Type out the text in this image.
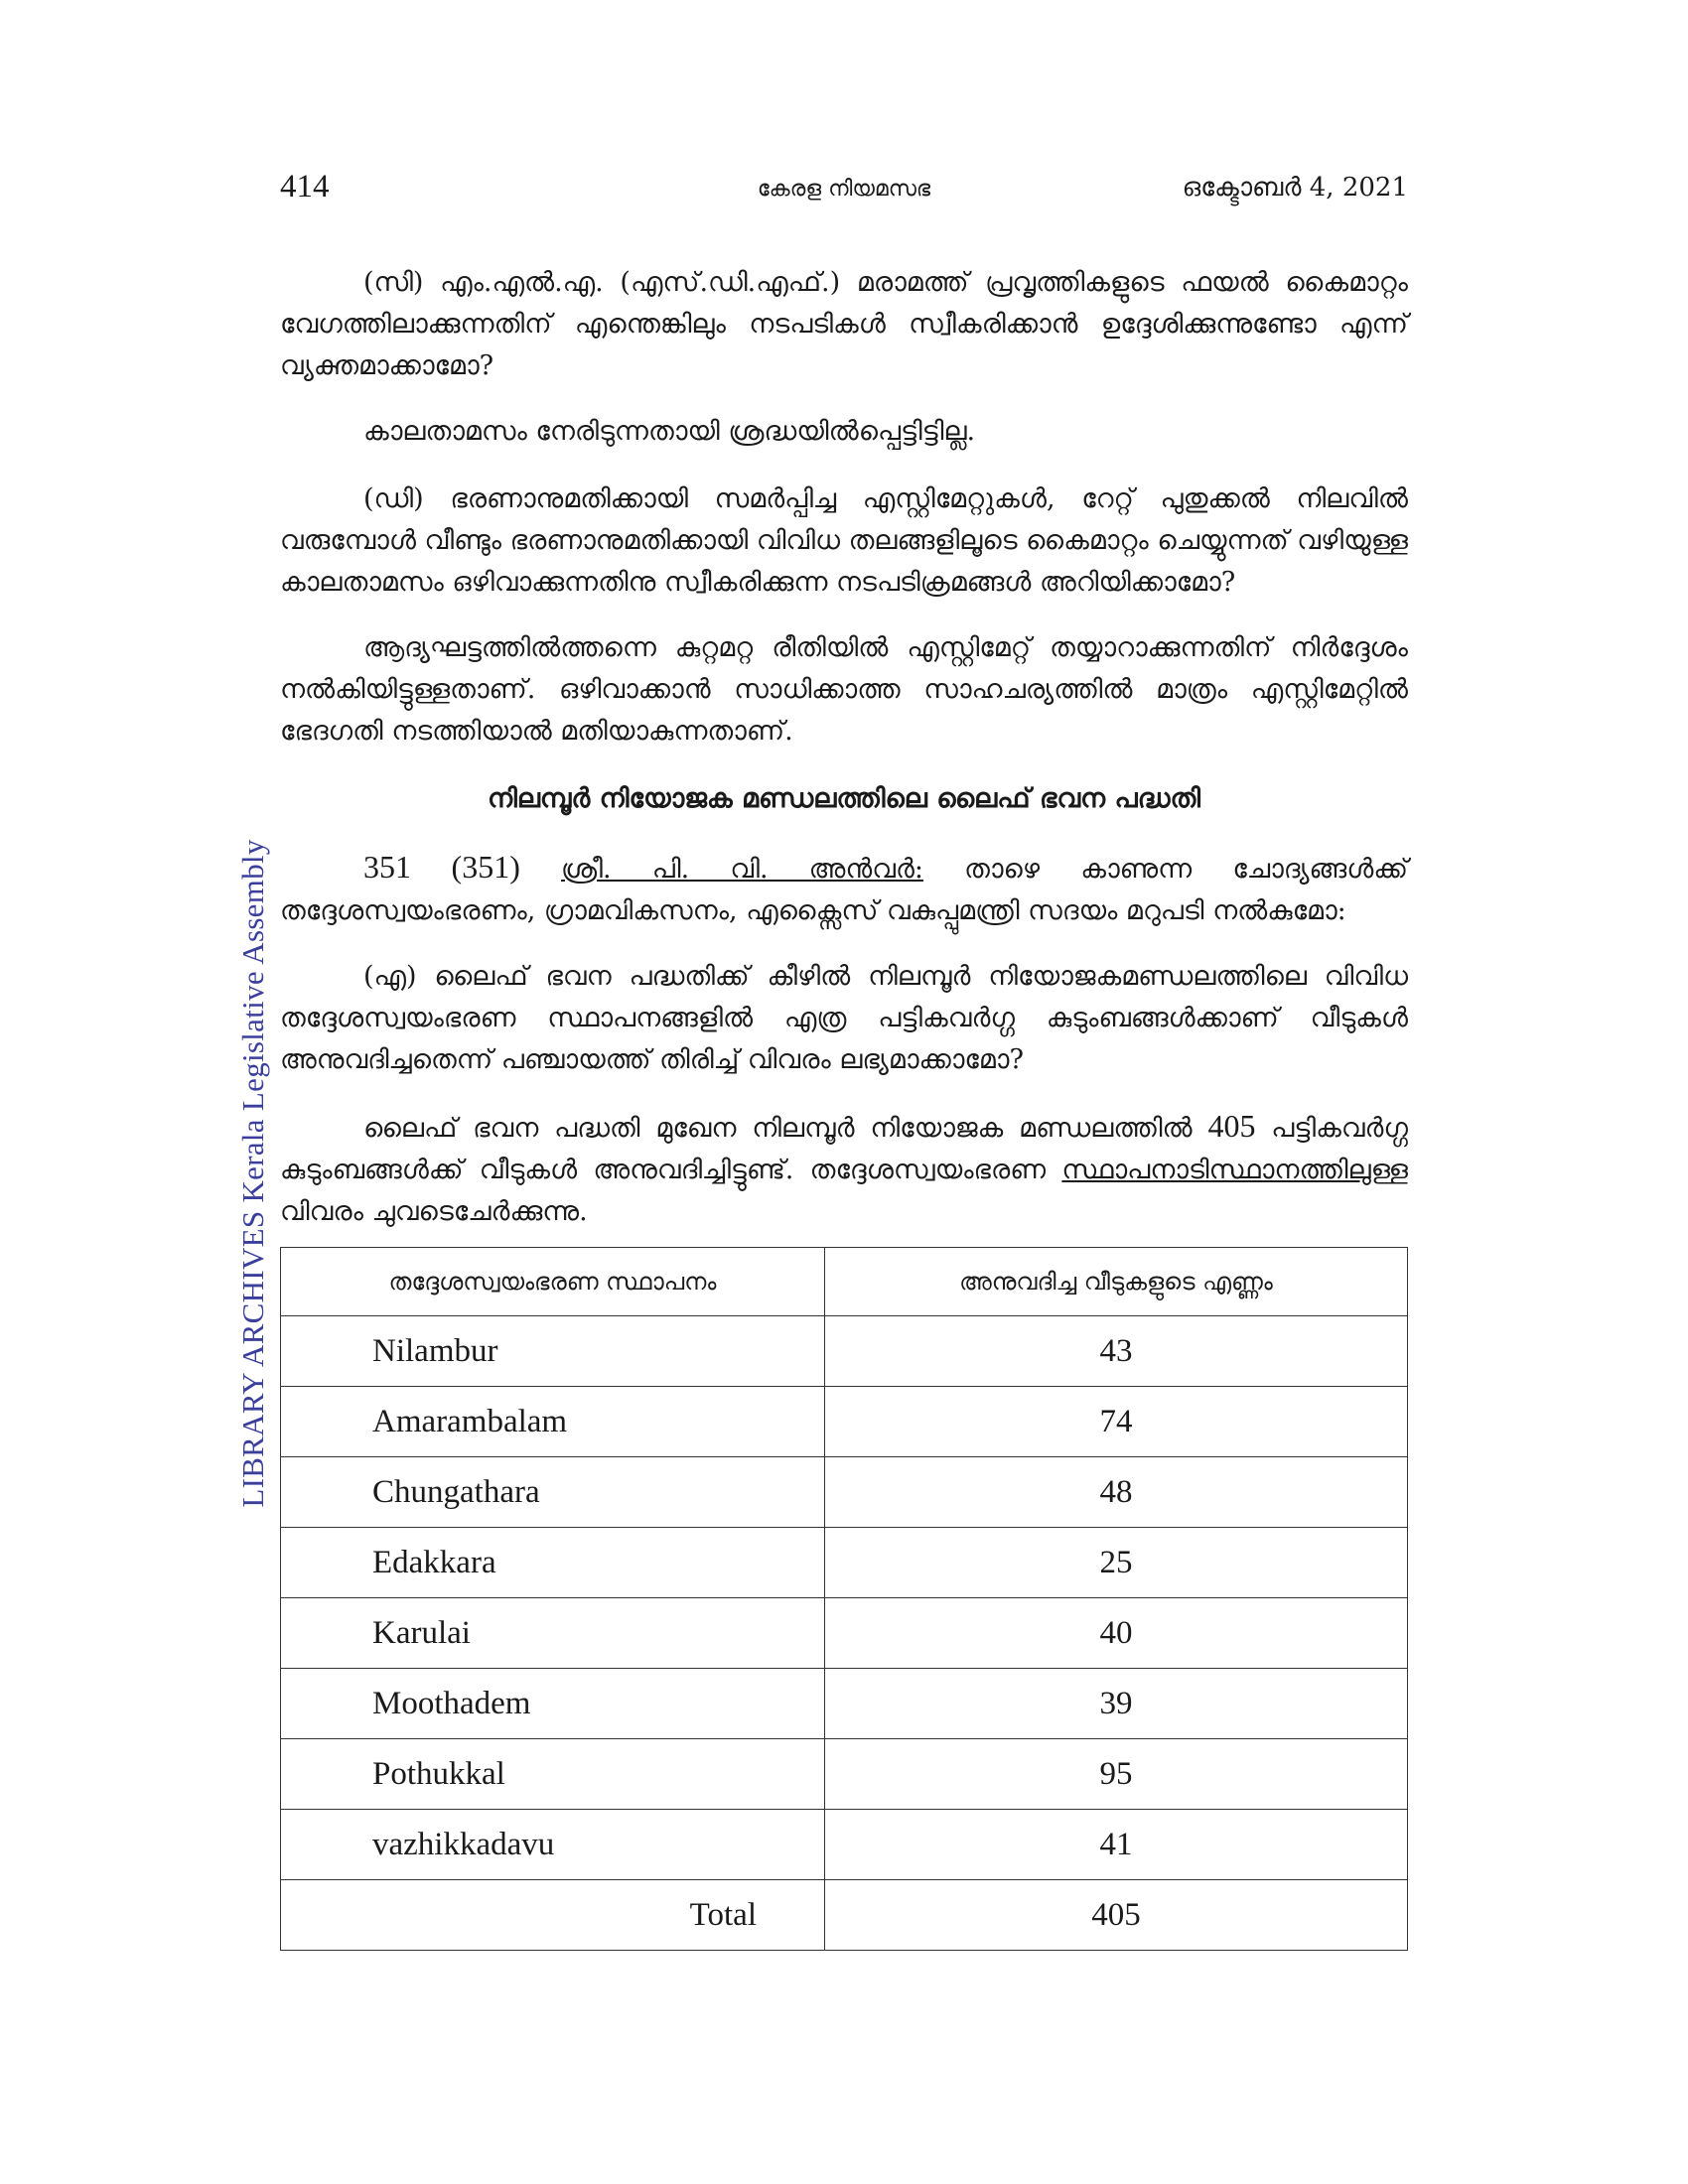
414	കേരള നിയമസഭ	ഒക്ടോബർ 4, 2021
LIBRARY ARCHIVES Kerala Legislative Assembly

(സി) എം.എൽ.എ. (എസ്.ഡി.എഫ്.) മരാമത്ത് പ്രവൃത്തികളുടെ ഫയൽ കൈമാറ്റം വേഗത്തിലാക്കുന്നതിന് എന്തെങ്കിലും നടപടികൾ സ്വീകരിക്കാൻ ഉദ്ദേശിക്കുന്നുണ്ടോ എന്ന് വ്യക്തമാക്കാമോ?

കാലതാമസം നേരിടുന്നതായി ശ്രദ്ധയിൽപ്പെട്ടിട്ടില്ല.

(ഡി) ഭരണാനുമതിക്കായി സമർപ്പിച്ച എസ്റ്റിമേറ്റുകൾ, റേറ്റ് പുതുക്കൽ നിലവിൽ വരുമ്പോൾ വീണ്ടും ഭരണാനുമതിക്കായി വിവിധ തലങ്ങളിലൂടെ കൈമാറ്റം ചെയ്യുന്നത് വഴിയുള്ള കാലതാമസം ഒഴിവാക്കുന്നതിനു സ്വീകരിക്കുന്ന നടപടിക്രമങ്ങൾ അറിയിക്കാമോ?

ആദ്യഘട്ടത്തിൽത്തന്നെ കുറ്റമറ്റ രീതിയിൽ എസ്റ്റിമേറ്റ് തയ്യാറാക്കുന്നതിന് നിർദ്ദേശം നൽകിയിട്ടുള്ളതാണ്. ഒഴിവാക്കാൻ സാധിക്കാത്ത സാഹചര്യത്തിൽ മാത്രം എസ്റ്റിമേറ്റിൽ ഭേദഗതി നടത്തിയാൽ മതിയാകുന്നതാണ്.

നിലമ്പൂർ നിയോജക മണ്ഡലത്തിലെ ലൈഫ് ഭവന പദ്ധതി

351 (351) ശ്രീ. പി. വി. അൻവർ: താഴെ കാണുന്ന ചോദ്യങ്ങൾക്ക് തദ്ദേശസ്വയംഭരണം, ഗ്രാമവികസനം, എക്സൈസ് വകുപ്പുമന്ത്രി സദയം മറുപടി നൽകുമോ:

(എ) ലൈഫ് ഭവന പദ്ധതിക്ക് കീഴിൽ നിലമ്പൂർ നിയോജകമണ്ഡലത്തിലെ വിവിധ തദ്ദേശസ്വയംഭരണ സ്ഥാപനങ്ങളിൽ എത്ര പട്ടികവർഗ്ഗ കുടുംബങ്ങൾക്കാണ് വീടുകൾ അനുവദിച്ചതെന്ന് പഞ്ചായത്ത് തിരിച്ച് വിവരം ലഭ്യമാക്കാമോ?

ലൈഫ് ഭവന പദ്ധതി മുഖേന നിലമ്പൂർ നിയോജക മണ്ഡലത്തിൽ 405 പട്ടികവർഗ്ഗ കുടുംബങ്ങൾക്ക് വീടുകൾ അനുവദിച്ചിട്ടുണ്ട്. തദ്ദേശസ്വയംഭരണ സ്ഥാപനാടിസ്ഥാനത്തിലുള്ള വിവരം ചുവടെചേർക്കുന്നു.

തദ്ദേശസ്വയംഭരണ സ്ഥാപനം	അനുവദിച്ച വീടുകളുടെ എണ്ണം
Nilambur	43
Amarambalam	74
Chungathara	48
Edakkara	25
Karulai	40
Moothadem	39
Pothukkal	95
vazhikkadavu	41
Total	405
